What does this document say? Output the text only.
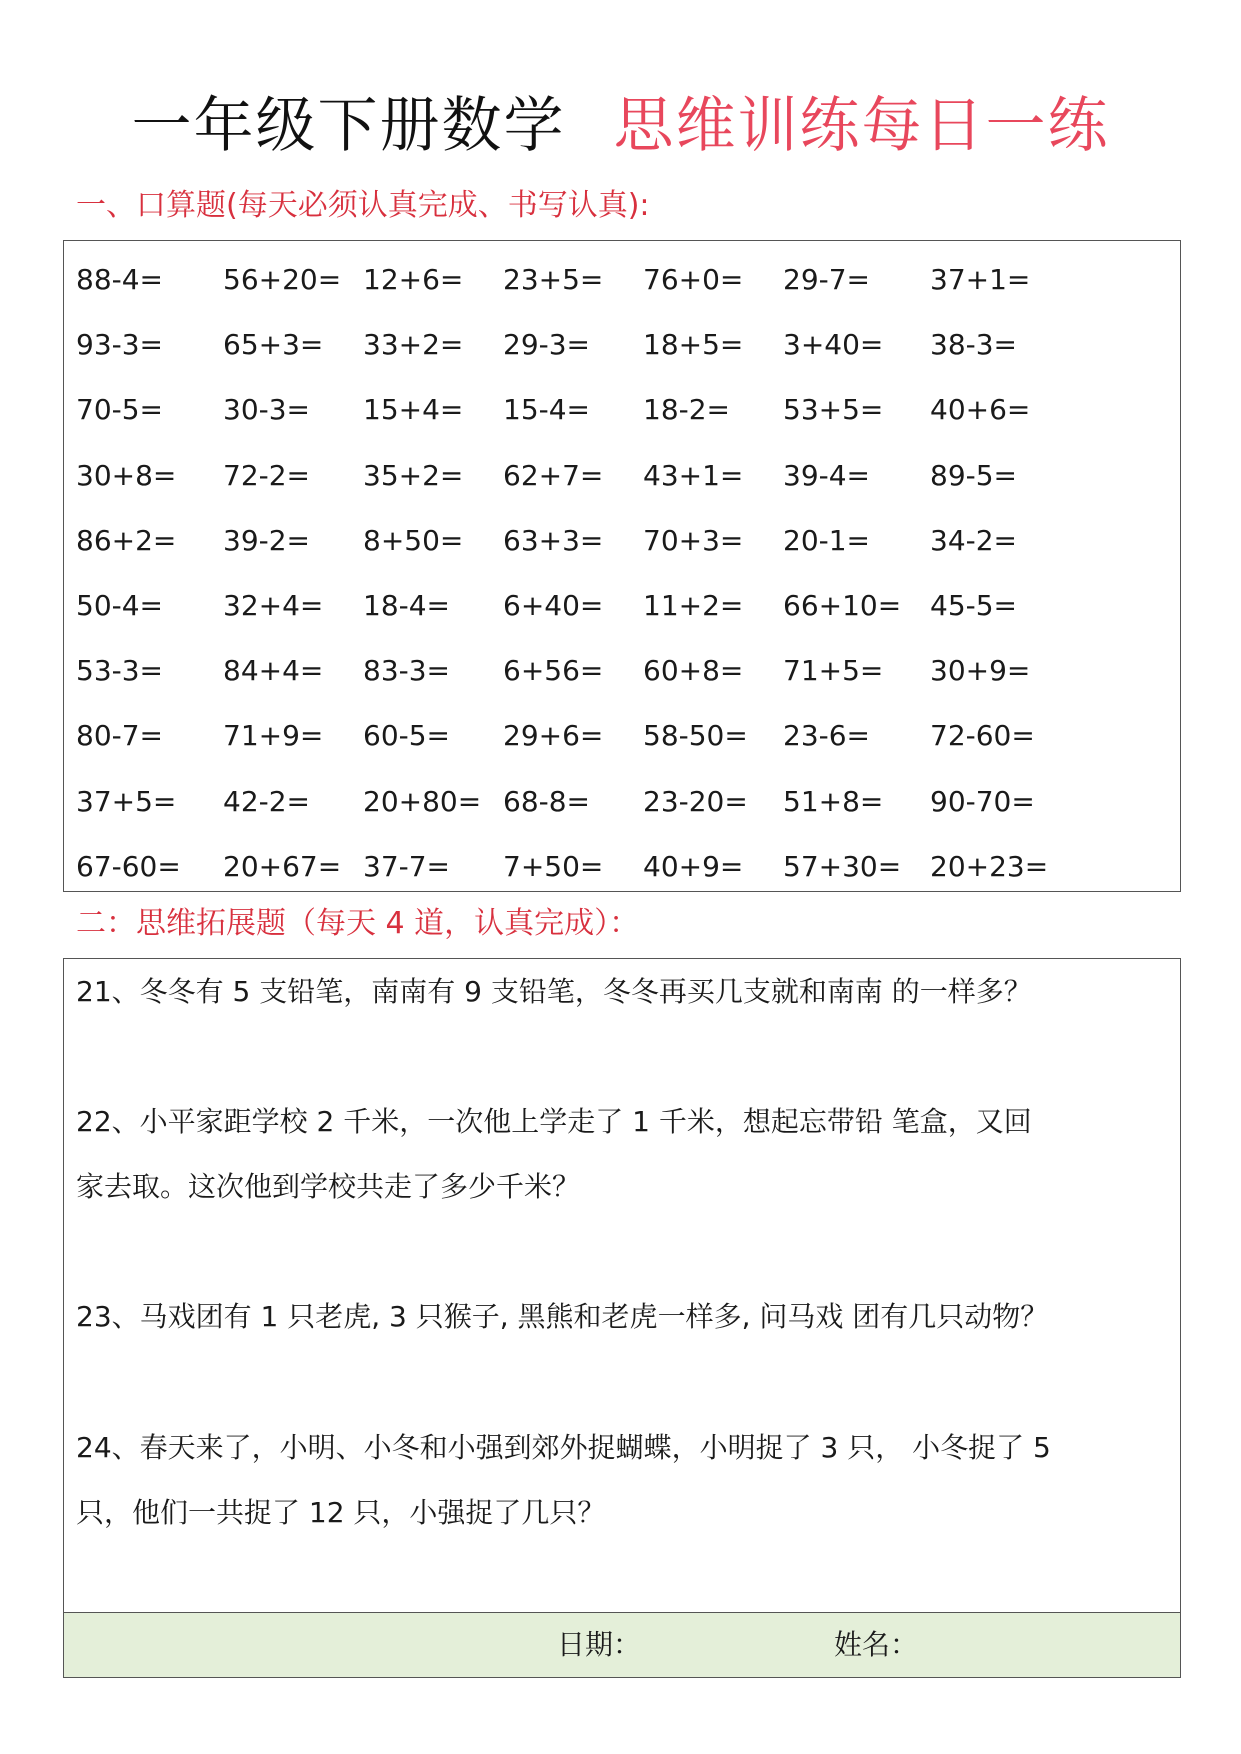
一年级下册数学 思维训练每日一练
一、口算题(每天必须认真完成、书写认真):
88-4=	56+20= 12+6=	23+5=	76+0=	29-7=	37+1=
93-3=	65+3=	33+2=	29-3=	18+5=	3+40=	38-3=
70-5=	30-3=	15+4=	15-4=	18-2=	53+5=	40+6=
30+8=	72-2=	35+2=	62+7=	43+1=	39-4=	89-5=
86+2=	39-2=	8+50=	63+3=	70+3=	20-1=	34-2=
50-4=	32+4=	18-4=	6+40=	11+2=	66+10=	45-5=
53-3=	84+4=	83-3=	6+56=	60+8=	71+5=	30+9=
80-7=	71+9=	60-5=	29+6=	58-50=	23-6=	72-60=
37+5=	42-2=	20+80= 68-8=	23-20=	51+8=	90-70=
67-60=	20+67= 37-7=	7+50=	40+9=	57+30=	20+23=
二：思维拓展题（每天 4 道，认真完成）：
21、冬冬有 5 支铅笔，南南有 9 支铅笔，冬冬再买几支就和南南 的一样多？
22、小平家距学校 2 千米，一次他上学走了 1 千米，想起忘带铅 笔盒，又回
家去取。这次他到学校共走了多少千米？
23、马戏团有 1 只老虎, 3 只猴子, 黑熊和老虎一样多, 问马戏 团有几只动物？
24、春天来了，小明、小冬和小强到郊外捉蝴蝶，小明捉了 3 只， 小冬捉了 5
只，他们一共捉了 12 只，小强捉了几只？
日期：	姓名：
